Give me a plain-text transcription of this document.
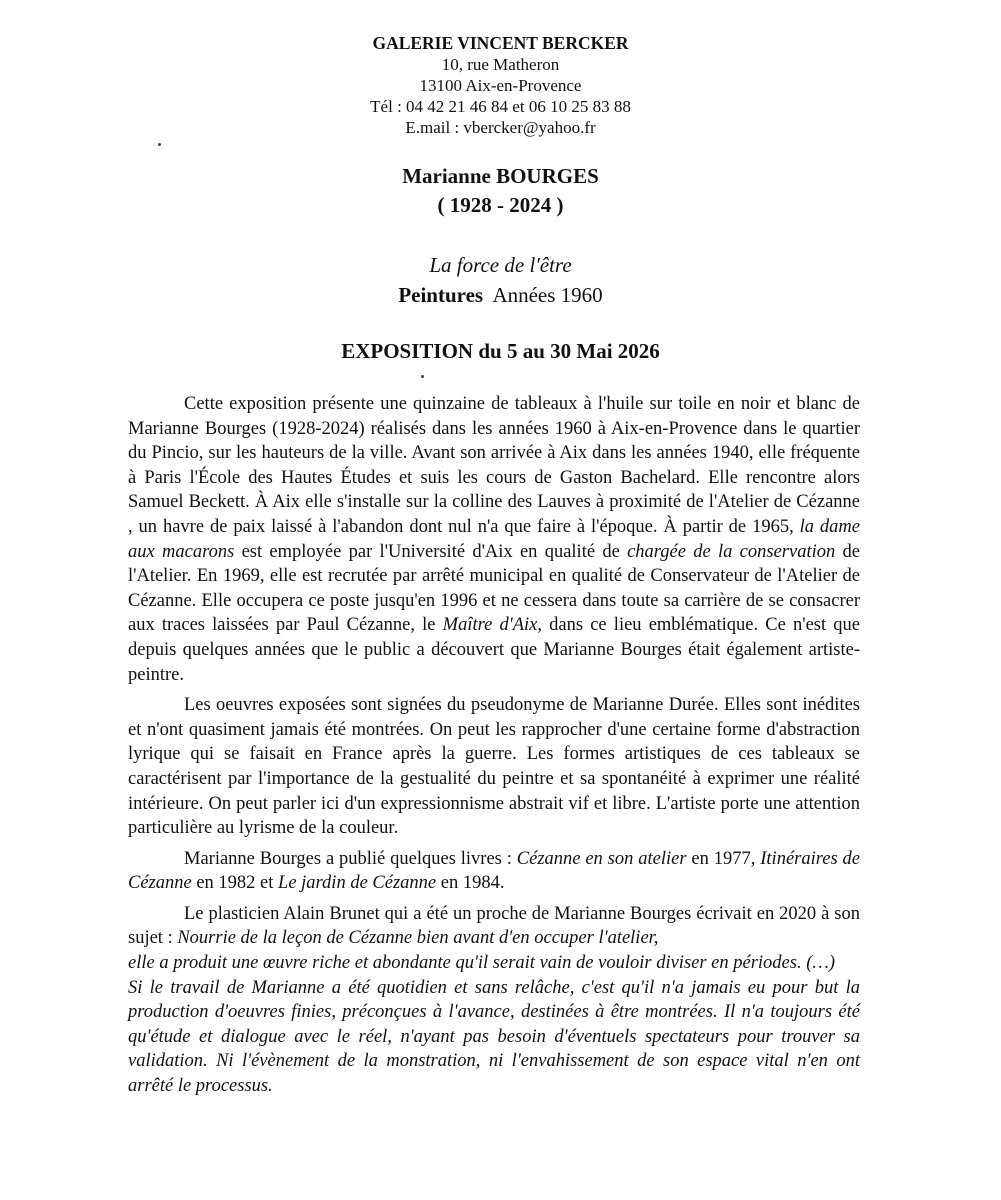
GALERIE VINCENT BERCKER
10, rue Matheron
13100 Aix-en-Provence
Tél : 04 42 21 46 84 et 06 10 25 83 88
E.mail : vbercker@yahoo.fr
Marianne BOURGES
( 1928 - 2024 )
La force de l'être
Peintures Années 1960
EXPOSITION du 5 au 30 Mai 2026

Cette exposition présente une quinzaine de tableaux à l'huile sur toile en noir et blanc de Marianne Bourges (1928-2024) réalisés dans les années 1960 à Aix-en-Provence dans le quartier du Pincio, sur les hauteurs de la ville. Avant son arrivée à Aix dans les années 1940, elle fréquente à Paris l'École des Hautes Études et suis les cours de Gaston Bachelard. Elle rencontre alors Samuel Beckett. À Aix elle s'installe sur la colline des Lauves à proximité de l'Atelier de Cézanne , un havre de paix laissé à l'abandon dont nul n'a que faire à l'époque. À partir de 1965, la dame aux macarons est employée par l'Université d'Aix en qualité de chargée de la conservation de l'Atelier. En 1969, elle est recrutée par arrêté municipal en qualité de Conservateur de l'Atelier de Cézanne. Elle occupera ce poste jusqu'en 1996 et ne cessera dans toute sa carrière de se consacrer aux traces laissées par Paul Cézanne, le Maître d'Aix, dans ce lieu emblématique. Ce n'est que depuis quelques années que le public a découvert que Marianne Bourges était également artiste-peintre.

Les oeuvres exposées sont signées du pseudonyme de Marianne Durée. Elles sont inédites et n'ont quasiment jamais été montrées. On peut les rapprocher d'une certaine forme d'abstraction lyrique qui se faisait en France après la guerre. Les formes artistiques de ces tableaux se caractérisent par l'importance de la gestualité du peintre et sa spontanéité à exprimer une réalité intérieure. On peut parler ici d'un expressionnisme abstrait vif et libre. L'artiste porte une attention particulière au lyrisme de la couleur.

Marianne Bourges a publié quelques livres : Cézanne en son atelier en 1977, Itinéraires de Cézanne en 1982 et Le jardin de Cézanne en 1984.

Le plasticien Alain Brunet qui a été un proche de Marianne Bourges écrivait en 2020 à son sujet : Nourrie de la leçon de Cézanne bien avant d'en occuper l'atelier,

elle a produit une œuvre riche et abondante qu'il serait vain de vouloir diviser en périodes. (…)
Si le travail de Marianne a été quotidien et sans relâche, c'est qu'il n'a jamais eu pour but la production d'oeuvres finies, préconçues à l'avance, destinées à être montrées. Il n'a toujours été qu'étude et dialogue avec le réel, n'ayant pas besoin d'éventuels spectateurs pour trouver sa validation. Ni l'évènement de la monstration, ni l'envahissement de son espace vital n'en ont arrêté le processus.
